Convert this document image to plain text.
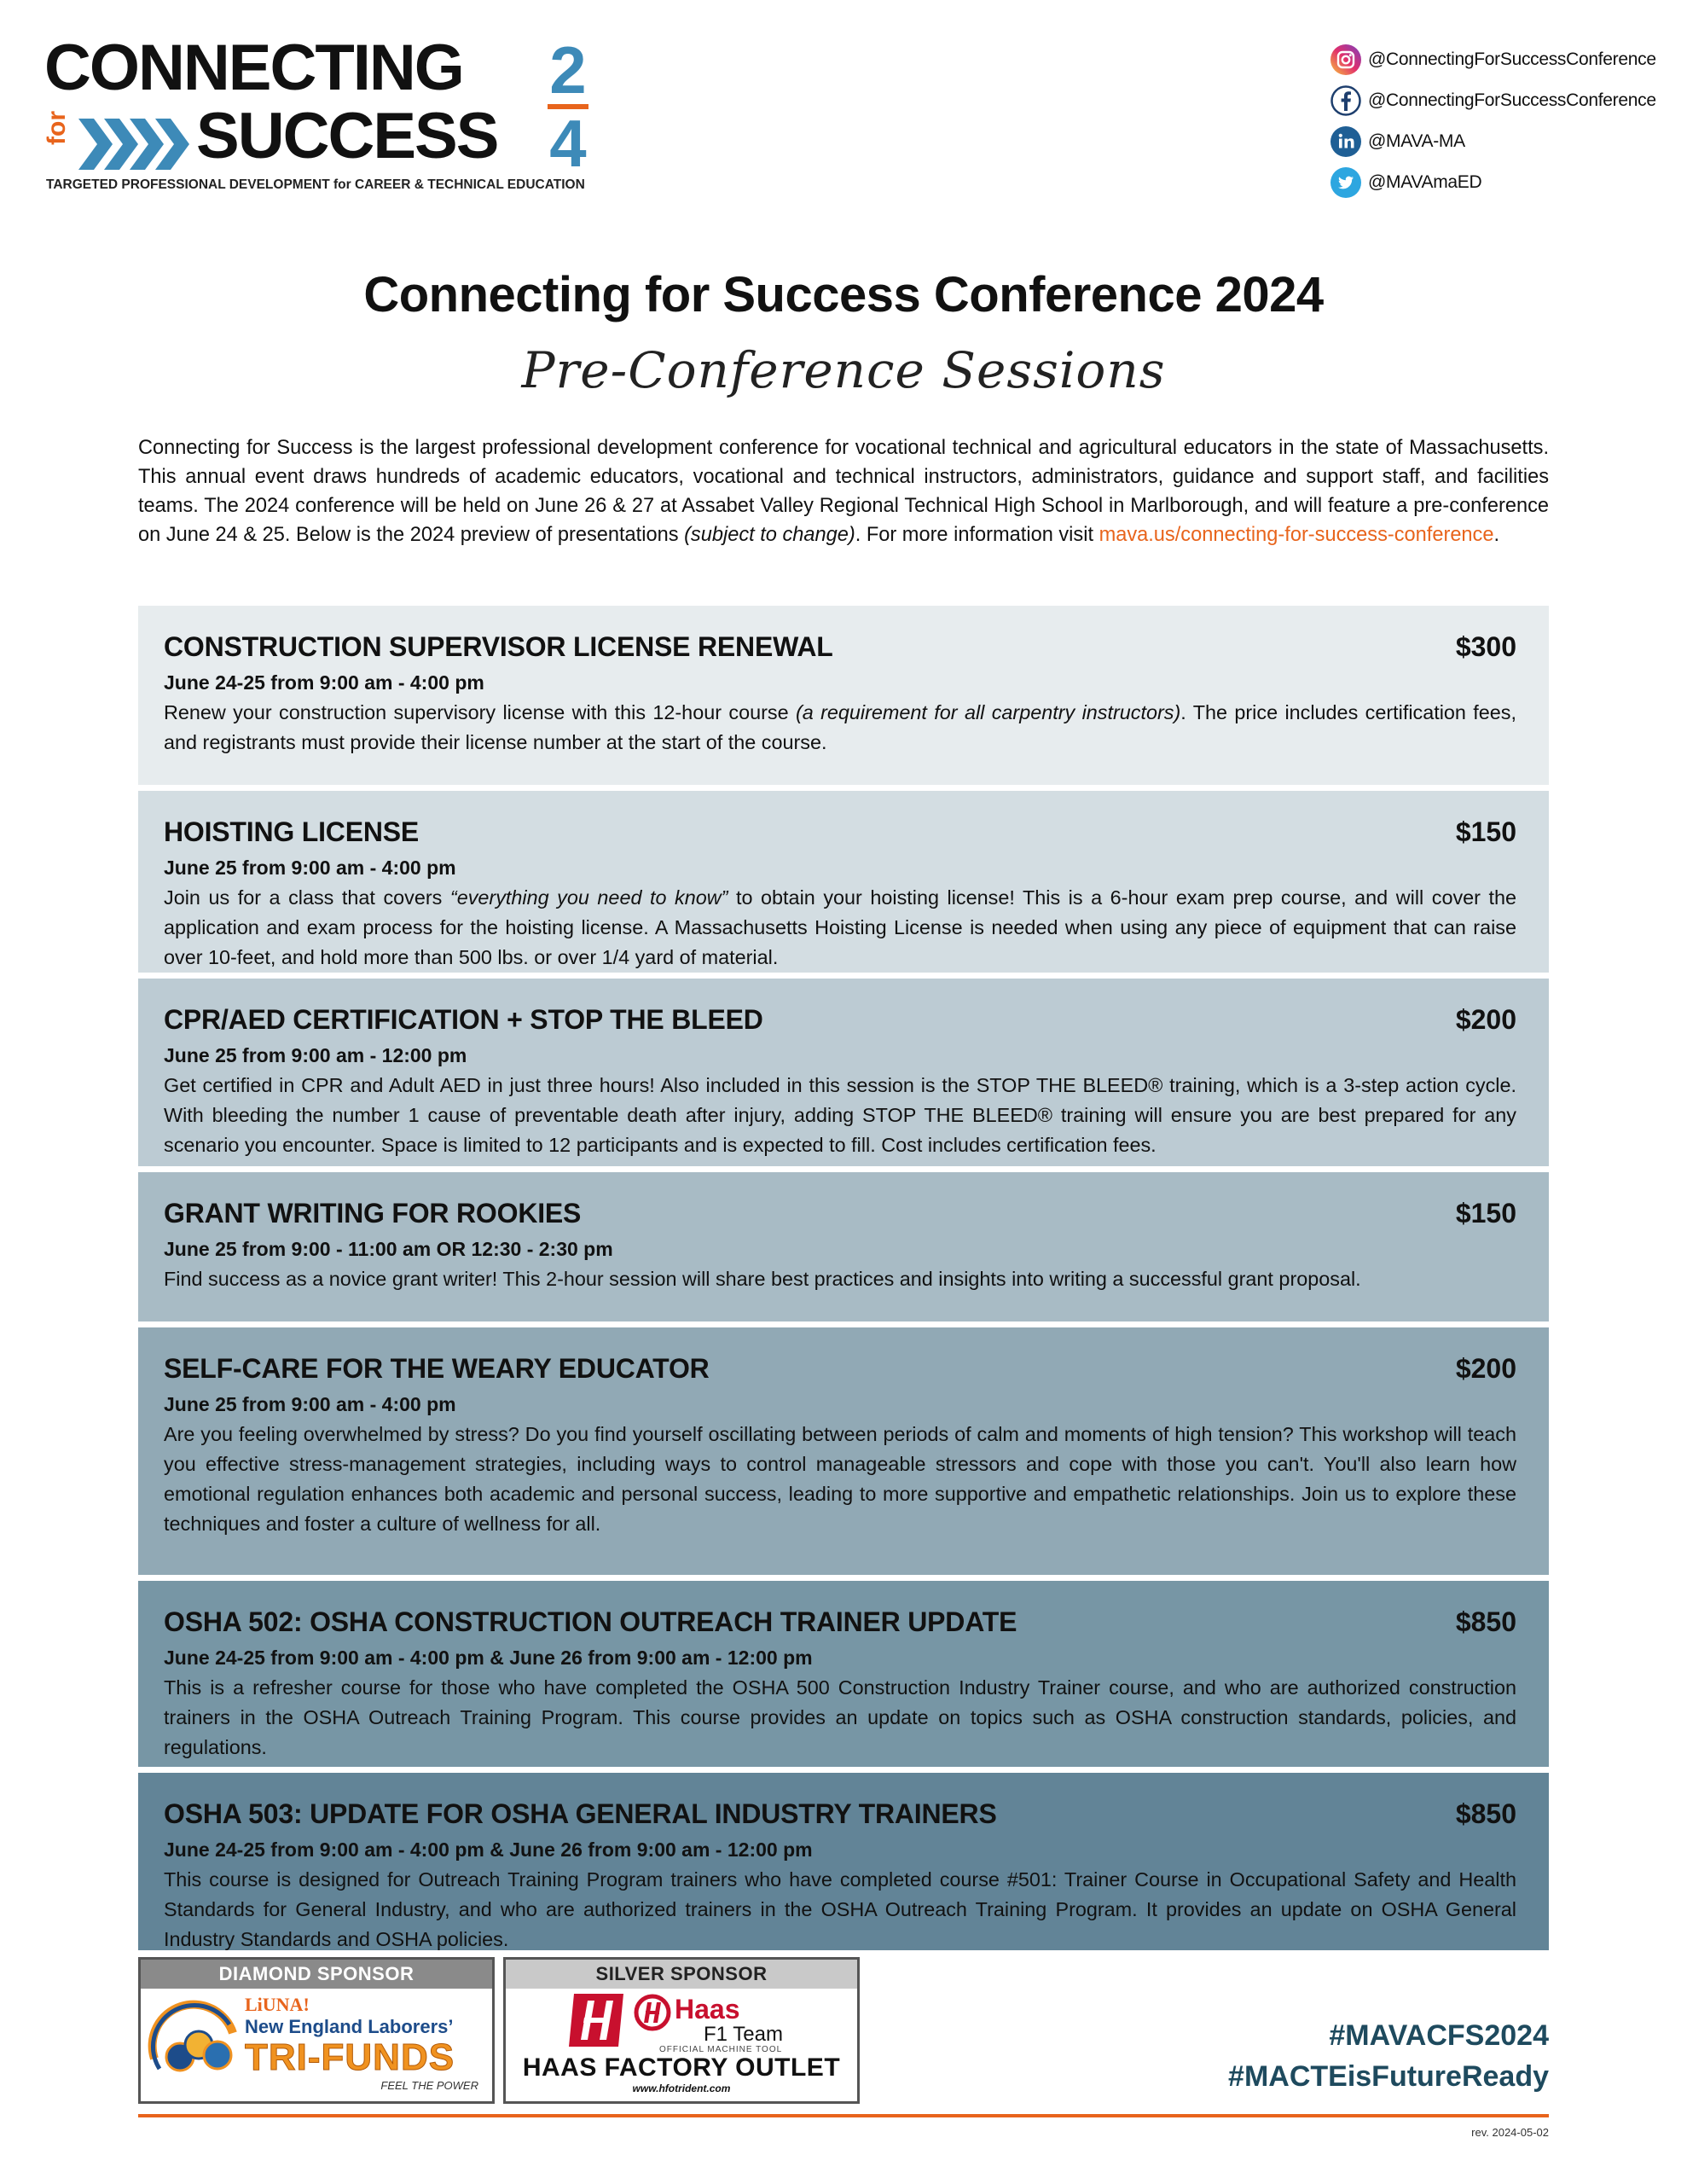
CONNECTING
for SUCCESS
2
4
TARGETED PROFESSIONAL DEVELOPMENT for CAREER & TECHNICAL EDUCATION
@ConnectingForSuccessConference
@ConnectingForSuccessConference
@MAVA-MA
@MAVAmaED
Connecting for Success Conference 2024
Pre-Conference Sessions
Connecting for Success is the largest professional development conference for vocational technical and agricultural educators in the state of Massachusetts. This annual event draws hundreds of academic educators, vocational and technical instructors, administrators, guidance and support staff, and facilities teams. The 2024 conference will be held on June 26 & 27 at Assabet Valley Regional Technical High School in Marlborough, and will feature a pre-conference on June 24 & 25. Below is the 2024 preview of presentations (subject to change). For more information visit mava.us/connecting-for-success-conference.
CONSTRUCTION SUPERVISOR LICENSE RENEWAL	$300
June 24-25 from 9:00 am - 4:00 pm
Renew your construction supervisory license with this 12-hour course (a requirement for all carpentry instructors). The price includes certification fees, and registrants must provide their license number at the start of the course.
HOISTING LICENSE	$150
June 25 from 9:00 am - 4:00 pm
Join us for a class that covers “everything you need to know” to obtain your hoisting license! This is a 6-hour exam prep course, and will cover the application and exam process for the hoisting license. A Massachusetts Hoisting License is needed when using any piece of equipment that can raise over 10-feet, and hold more than 500 lbs. or over 1/4 yard of material.
CPR/AED CERTIFICATION + STOP THE BLEED	$200
June 25 from 9:00 am - 12:00 pm
Get certified in CPR and Adult AED in just three hours! Also included in this session is the STOP THE BLEED® training, which is a 3-step action cycle. With bleeding the number 1 cause of preventable death after injury, adding STOP THE BLEED® training will ensure you are best prepared for any scenario you encounter. Space is limited to 12 participants and is expected to fill. Cost includes certification fees.
GRANT WRITING FOR ROOKIES	$150
June 25 from 9:00 - 11:00 am OR 12:30 - 2:30 pm
Find success as a novice grant writer! This 2-hour session will share best practices and insights into writing a successful grant proposal.
SELF-CARE FOR THE WEARY EDUCATOR	$200
June 25 from 9:00 am - 4:00 pm
Are you feeling overwhelmed by stress? Do you find yourself oscillating between periods of calm and moments of high tension? This workshop will teach you effective stress-management strategies, including ways to control manageable stressors and cope with those you can't. You'll also learn how emotional regulation enhances both academic and personal success, leading to more supportive and empathetic relationships. Join us to explore these techniques and foster a culture of wellness for all.
OSHA 502: OSHA CONSTRUCTION OUTREACH TRAINER UPDATE	$850
June 24-25 from 9:00 am - 4:00 pm & June 26 from 9:00 am - 12:00 pm
This is a refresher course for those who have completed the OSHA 500 Construction Industry Trainer course, and who are authorized construction trainers in the OSHA Outreach Training Program. This course provides an update on topics such as OSHA construction standards, policies, and regulations.
OSHA 503: UPDATE FOR OSHA GENERAL INDUSTRY TRAINERS	$850
June 24-25 from 9:00 am - 4:00 pm & June 26 from 9:00 am - 12:00 pm
This course is designed for Outreach Training Program trainers who have completed course #501: Trainer Course in Occupational Safety and Health Standards for General Industry, and who are authorized trainers in the OSHA Outreach Training Program. It provides an update on OSHA General Industry Standards and OSHA policies.
DIAMOND SPONSOR
LiUNA!
New England Laborers’
TRI-FUNDS
FEEL THE POWER
SILVER SPONSOR
Haas
F1 Team
OFFICIAL MACHINE TOOL
HAAS FACTORY OUTLET
www.hfotrident.com
#MAVACFS2024
#MACTEisFutureReady
rev. 2024-05-02
